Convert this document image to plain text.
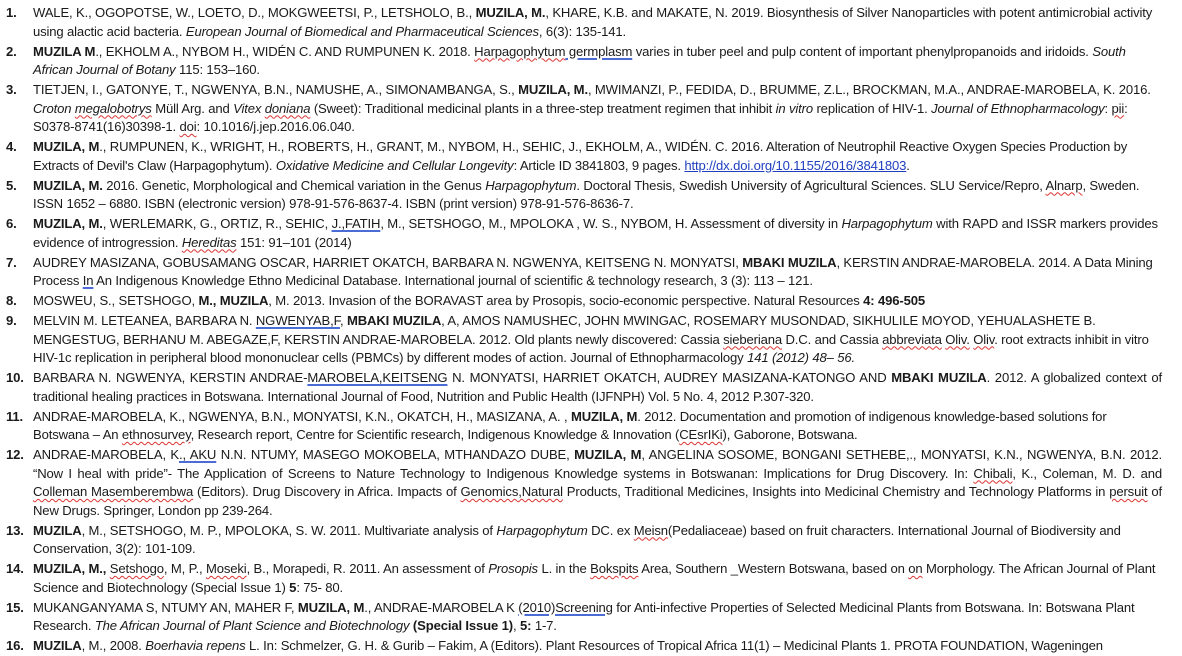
1. WALE, K., OGOPOTSE, W., LOETO, D., MOKGWEETSI, P., LETSHOLO, B., MUZILA, M., KHARE, K.B. and MAKATE, N. 2019. Biosynthesis of Silver Nanoparticles with potent antimicrobial activity using alactic acid bacteria. European Journal of Biomedical and Pharmaceutical Sciences, 6(3): 135-141.
2. MUZILA M., EKHOLM A., NYBOM H., WIDÉN C. AND RUMPUNEN K. 2018. Harpagophytum germplasm varies in tuber peel and pulp content of important phenylpropanoids and iridoids. South African Journal of Botany 115: 153–160.
3. TIETJEN, I., GATONYE, T., NGWENYA, B.N., NAMUSHE, A., SIMONAMBANGA, S., MUZILA, M., MWIMANZI, P., FEDIDA, D., BRUMME, Z.L., BROCKMAN, M.A., ANDRAE-MAROBELA, K. 2016. Croton megalobotrys Müll Arg. and Vitex doniana (Sweet): Traditional medicinal plants in a three-step treatment regimen that inhibit in vitro replication of HIV-1. Journal of Ethnopharmacology: pii: S0378-8741(16)30398-1. doi: 10.1016/j.jep.2016.06.040.
4. MUZILA, M., RUMPUNEN, K., WRIGHT, H., ROBERTS, H., GRANT, M., NYBOM, H., SEHIC, J., EKHOLM, A., WIDÉN. C. 2016. Alteration of Neutrophil Reactive Oxygen Species Production by Extracts of Devil's Claw (Harpagophytum). Oxidative Medicine and Cellular Longevity: Article ID 3841803, 9 pages. http://dx.doi.org/10.1155/2016/3841803.
5. MUZILA, M. 2016. Genetic, Morphological and Chemical variation in the Genus Harpagophytum. Doctoral Thesis, Swedish University of Agricultural Sciences. SLU Service/Repro, Alnarp, Sweden. ISSN 1652 – 6880. ISBN (electronic version) 978-91-576-8637-4. ISBN (print version) 978-91-576-8636-7.
6. MUZILA, M., WERLEMARK, G., ORTIZ, R., SEHIC, J.,FATIH, M., SETSHOGO, M., MPOLOKA , W. S., NYBOM, H. Assessment of diversity in Harpagophytum with RAPD and ISSR markers provides evidence of introgression. Hereditas 151: 91–101 (2014)
7. AUDREY MASIZANA, GOBUSAMANG OSCAR, HARRIET OKATCH, BARBARA N. NGWENYA, KEITSENG N. MONYATSI, MBAKI MUZILA, KERSTIN ANDRAE-MAROBELA. 2014. A Data Mining Process In An Indigenous Knowledge Ethno Medicinal Database. International journal of scientific & technology research, 3 (3): 113 – 121.
8. MOSWEU, S., SETSHOGO, M., MUZILA, M. 2013. Invasion of the BORAVAST area by Prosopis, socio-economic perspective. Natural Resources 4: 496-505
9. MELVIN M. LETEANEA, BARBARA N. NGWENYAB,F, MBAKI MUZILA, A, AMOS NAMUSHEC, JOHN MWINGAC, ROSEMARY MUSONDAD, SIKHULILE MOYOD, YEHUALASHETE B. MENGESTUG, BERHANU M. ABEGAZE,F, KERSTIN ANDRAE-MAROBELA. 2012. Old plants newly discovered: Cassia sieberiana D.C. and Cassia abbreviata Oliv. Oliv. root extracts inhibit in vitro HIV-1c replication in peripheral blood mononuclear cells (PBMCs) by different modes of action. Journal of Ethnopharmacology 141 (2012) 48– 56.
10. BARBARA N. NGWENYA, KERSTIN ANDRAE-MAROBELA,KEITSENG N. MONYATSI, HARRIET OKATCH, AUDREY MASIZANA-KATONGO AND MBAKI MUZILA. 2012. A globalized context of traditional healing practices in Botswana. International Journal of Food, Nutrition and Public Health (IJFNPH) Vol. 5 No. 4, 2012 P.307-320.
11. ANDRAE-MAROBELA, K., NGWENYA, B.N., MONYATSI, K.N., OKATCH, H., MASIZANA, A. , MUZILA, M. 2012. Documentation and promotion of indigenous knowledge-based solutions for Botswana – An ethnosurvey, Research report, Centre for Scientific research, Indigenous Knowledge & Innovation (CEsrIKi), Gaborone, Botswana.
12. ANDRAE-MAROBELA, K., AKU N.N. NTUMY, MASEGO MOKOBELA, MTHANDAZO DUBE, MUZILA, M, ANGELINA SOSOME, BONGANI SETHEBE,., MONYATSI, K.N., NGWENYA, B.N. 2012. “Now I heal with pride”- The Application of Screens to Nature Technology to Indigenous Knowledge systems in Botswanan: Implications for Drug Discovery. In: Chibali, K., Coleman, M. D. and Colleman Masemberembwa (Editors). Drug Discovery in Africa. Impacts of Genomics,Natural Products, Traditional Medicines, Insights into Medicinal Chemistry and Technology Platforms in persuit of New Drugs. Springer, London pp 239-264.
13. MUZILA, M., SETSHOGO, M. P., MPOLOKA, S. W. 2011. Multivariate analysis of Harpagophytum DC. ex Meisn(Pedaliaceae) based on fruit characters. International Journal of Biodiversity and Conservation, 3(2): 101-109.
14. MUZILA, M., Setshogo, M, P., Moseki, B., Morapedi, R. 2011. An assessment of Prosopis L. in the Bokspits Area, Southern _Western Botswana, based on on Morphology. The African Journal of Plant Science and Biotechnology (Special Issue 1) 5: 75- 80.
15. MUKANGANYAMA S, NTUMY AN, MAHER F, MUZILA, M., ANDRAE-MAROBELA K (2010)Screening for Anti-infective Properties of Selected Medicinal Plants from Botswana. In: Botswana Plant Research. The African Journal of Plant Science and Biotechnology (Special Issue 1), 5: 1-7.
16. MUZILA, M., 2008. Boerhavia repens L. In: Schmelzer, G. H. & Gurib – Fakim, A (Editors). Plant Resources of Tropical Africa 11(1) – Medicinal Plants 1. PROTA FOUNDATION, Wageningen
